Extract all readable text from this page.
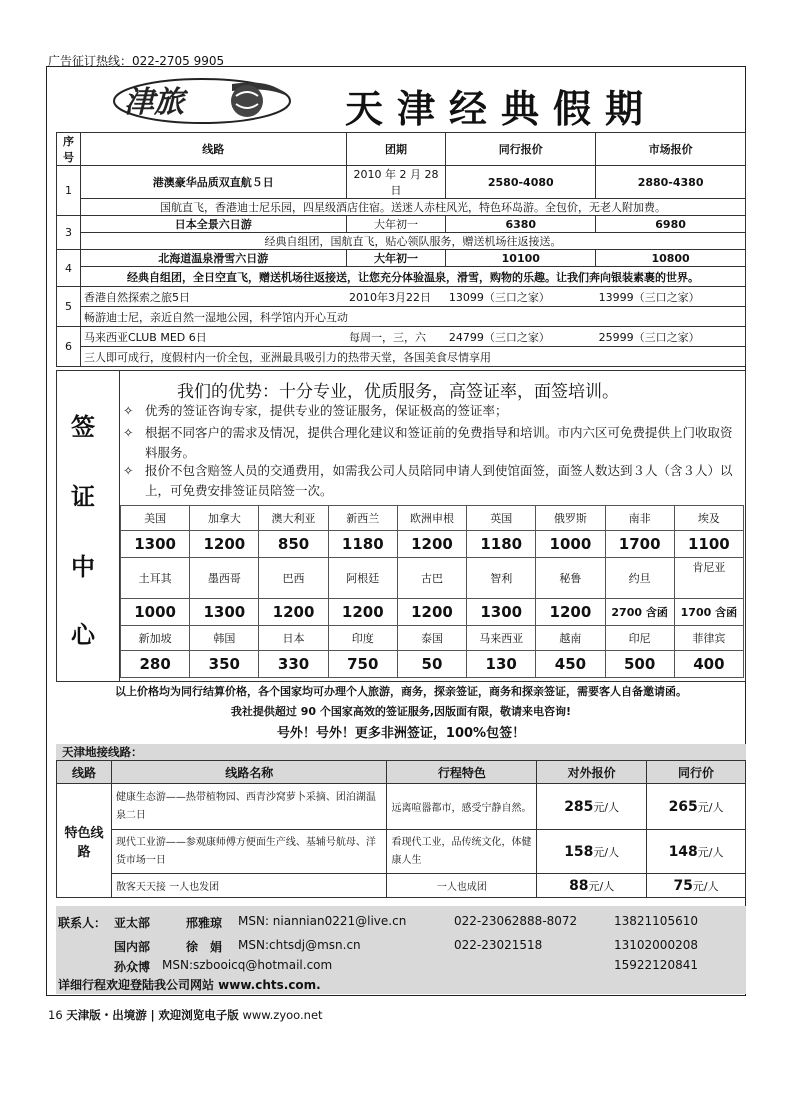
广告征订热线：022-2705 9905
津旅	天津经典假期
序号	线路	团期	同行报价	市场报价
1	港澳豪华品质双直航５日	2010 年 2 月 28 日	2580-4080	2880-4380
	国航直飞，香港迪士尼乐园，四星级酒店住宿。送迷人赤柱风光，特色环岛游。全包价，无老人附加费。			
3	日本全景六日游	大年初一	6380	6980
	经典自组团，国航直飞，贴心领队服务，赠送机场往返接送。			
4	北海道温泉滑雪六日游	大年初一	10100	10800
	经典自组团，全日空直飞，赠送机场往返接送，让您充分体验温泉，滑雪，购物的乐趣。让我们奔向银装素裹的世界。			
5	香港自然探索之旅5日	2010年3月22日	13099（三口之家）	13999（三口之家）
	畅游迪士尼，亲近自然一湿地公园，科学馆内开心互动			
6	马来西亚CLUB MED 6日	每周一，三，六	24799（三口之家）	25999（三口之家）
	三人即可成行，度假村内一价全包，亚洲最具吸引力的热带天堂，各国美食尽情享用			
签
证
中
心
我们的优势：十分专业，优质服务，高签证率，面签培训。
✧ 优秀的签证咨询专家，提供专业的签证服务，保证极高的签证率；
✧ 根据不同客户的需求及情况，提供合理化建议和签证前的免费指导和培训。市内六区可免费提供上门收取资料服务。
✧ 报价不包含赔签人员的交通费用，如需我公司人员陪同申请人到使馆面签，面签人数达到３人（含３人）以上，可免费安排签证员陪签一次。
美国	加拿大	澳大利亚	新西兰	欧洲申根	英国	俄罗斯	南非	埃及
1300	1200	850	1180	1200	1180	1000	1700	1100
土耳其	墨西哥	巴西	阿根廷	古巴	智利	秘鲁	约旦	肯尼亚
1000	1300	1200	1200	1200	1300	1200	2700 含函	1700 含函
新加坡	韩国	日本	印度	泰国	马来西亚	越南	印尼	菲律宾
280	350	330	750	50	130	450	500	400
以上价格均为同行结算价格，各个国家均可办理个人旅游，商务，探亲签证，商务和探亲签证，需要客人自备邀请函。
我社提供超过 90 个国家高效的签证服务,因版面有限，敬请来电咨询!
号外！号外！更多非洲签证，100%包签！
天津地接线路：
线路	线路名称	行程特色	对外报价	同行价
特色线路	健康生态游——热带植物园、西青沙窝萝卜采摘、团泊湖温泉二日	远离喧嚣都市，感受宁静自然。	285元/人	265元/人
	现代工业游——参观康师傅方便面生产线、基辅号航母、洋货市场一日	看现代工业，品传统文化，体健康人生	158元/人	148元/人
	散客天天接 一人也发团	一人也成团	88元/人	75元/人
联系人： 亚太部	邢雅琼 MSN: niannian0221@live.cn	022-23062888-8072	13821105610
国内部	徐　娟 MSN:chtsdj@msn.cn	022-23021518	13102000208
孙众博 MSN:szbooicq@hotmail.com	15922120841
详细行程欢迎登陆我公司网站 www.chts.com.
16 天津版・出境游 | 欢迎浏览电子版 www.zyoo.net
